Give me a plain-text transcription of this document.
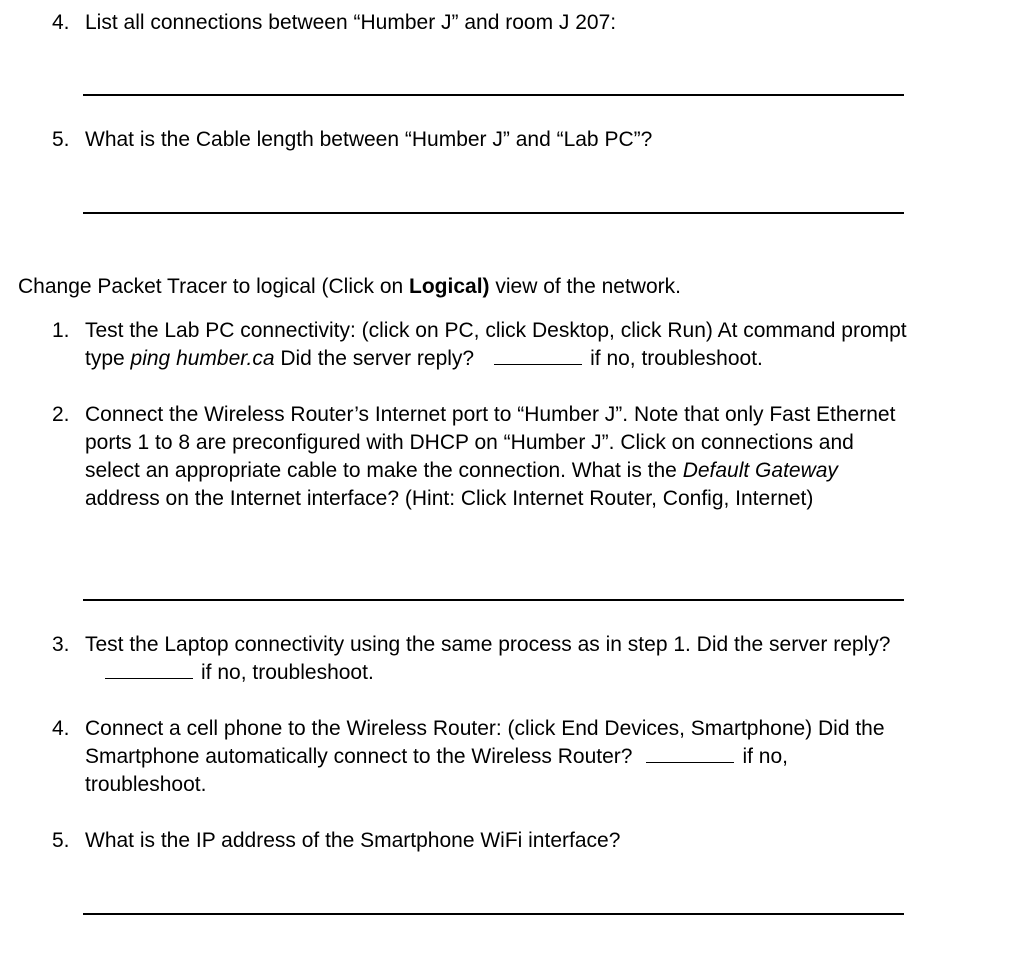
4. List all connections between “Humber J” and room J 207:
5. What is the Cable length between “Humber J” and “Lab PC”?
Change Packet Tracer to logical (Click on Logical) view of the network.
1. Test the Lab PC connectivity: (click on PC, click Desktop, click Run) At command prompt type ping humber.ca Did the server reply?	if no, troubleshoot.
2. Connect the Wireless Router’s Internet port to “Humber J”. Note that only Fast Ethernet ports 1 to 8 are preconfigured with DHCP on “Humber J”. Click on connections and select an appropriate cable to make the connection. What is the Default Gateway address on the Internet interface? (Hint: Click Internet Router, Config, Internet)
3. Test the Laptop connectivity using the same process as in step 1. Did the server reply?if no, troubleshoot.
4. Connect a cell phone to the Wireless Router: (click End Devices, Smartphone) Did the Smartphone automatically connect to the Wireless Router?	if no, troubleshoot.
5. What is the IP address of the Smartphone WiFi interface?
